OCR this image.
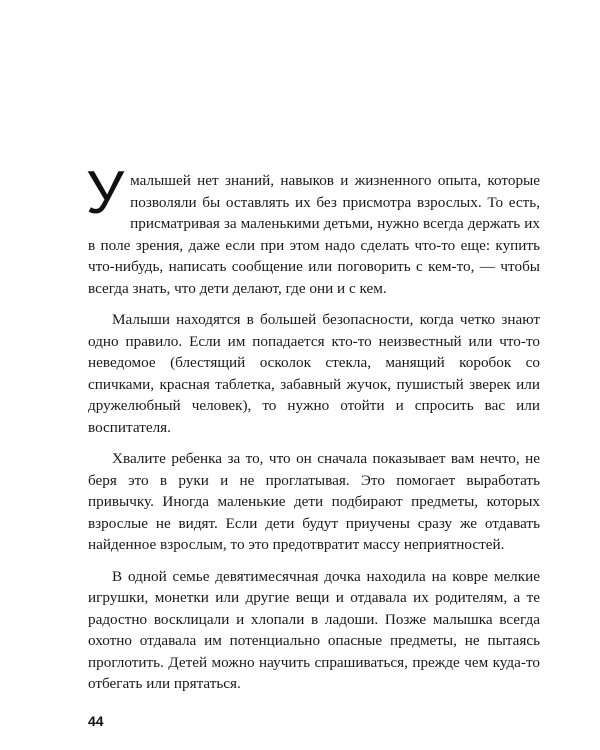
У малышей нет знаний, навыков и жизненного опыта, которые позволяли бы оставлять их без присмотра взрослых. То есть, присматривая за маленькими детьми, нужно всегда держать их в поле зрения, даже если при этом надо сделать что-то еще: купить что-нибудь, написать сообщение или поговорить с кем-то, — чтобы всегда знать, что дети делают, где они и с кем.

Малыши находятся в большей безопасности, когда четко знают одно правило. Если им попадается кто-то неизвестный или что-то неведомое (блестящий осколок стекла, манящий коробок со спичками, красная таблетка, забавный жучок, пушистый зверек или дружелюбный человек), то нужно отойти и спросить вас или воспитателя.

Хвалите ребенка за то, что он сначала показывает вам нечто, не беря это в руки и не проглатывая. Это помогает выработать привычку. Иногда маленькие дети подбирают предметы, которых взрослые не видят. Если дети будут приучены сразу же отдавать найденное взрослым, то это предотвратит массу неприятностей.

В одной семье девятимесячная дочка находила на ковре мелкие игрушки, монетки или другие вещи и отдавала их родителям, а те радостно восклицали и хлопали в ладоши. Позже малышка всегда охотно отдавала им потенциально опасные предметы, не пытаясь проглотить. Детей можно научить спрашиваться, прежде чем куда-то отбегать или прятаться.

44
